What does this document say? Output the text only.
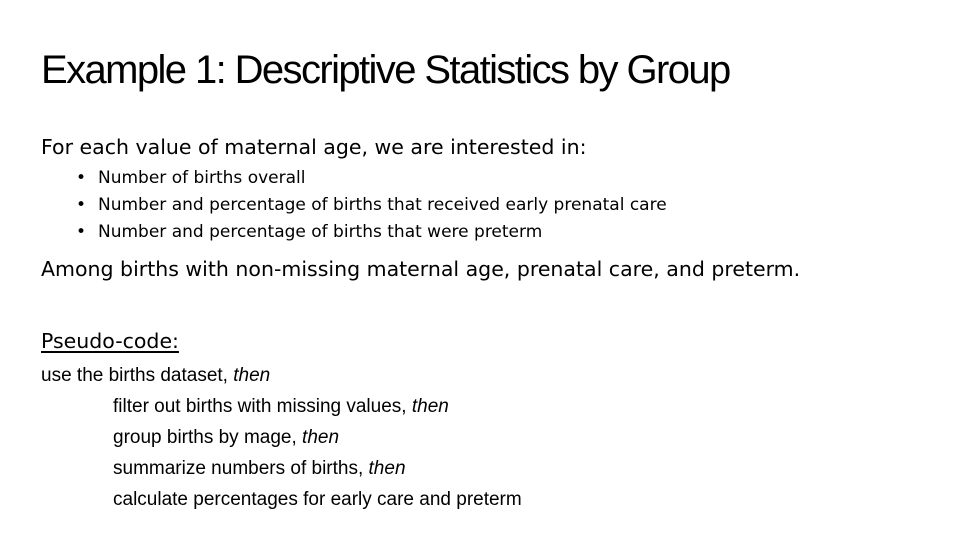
Example 1: Descriptive Statistics by Group
For each value of maternal age, we are interested in:
• Number of births overall
• Number and percentage of births that received early prenatal care
• Number and percentage of births that were preterm
Among births with non-missing maternal age, prenatal care, and preterm.
Pseudo-code:
use the births dataset, then
filter out births with missing values, then
group births by mage, then
summarize numbers of births, then
calculate percentages for early care and preterm
